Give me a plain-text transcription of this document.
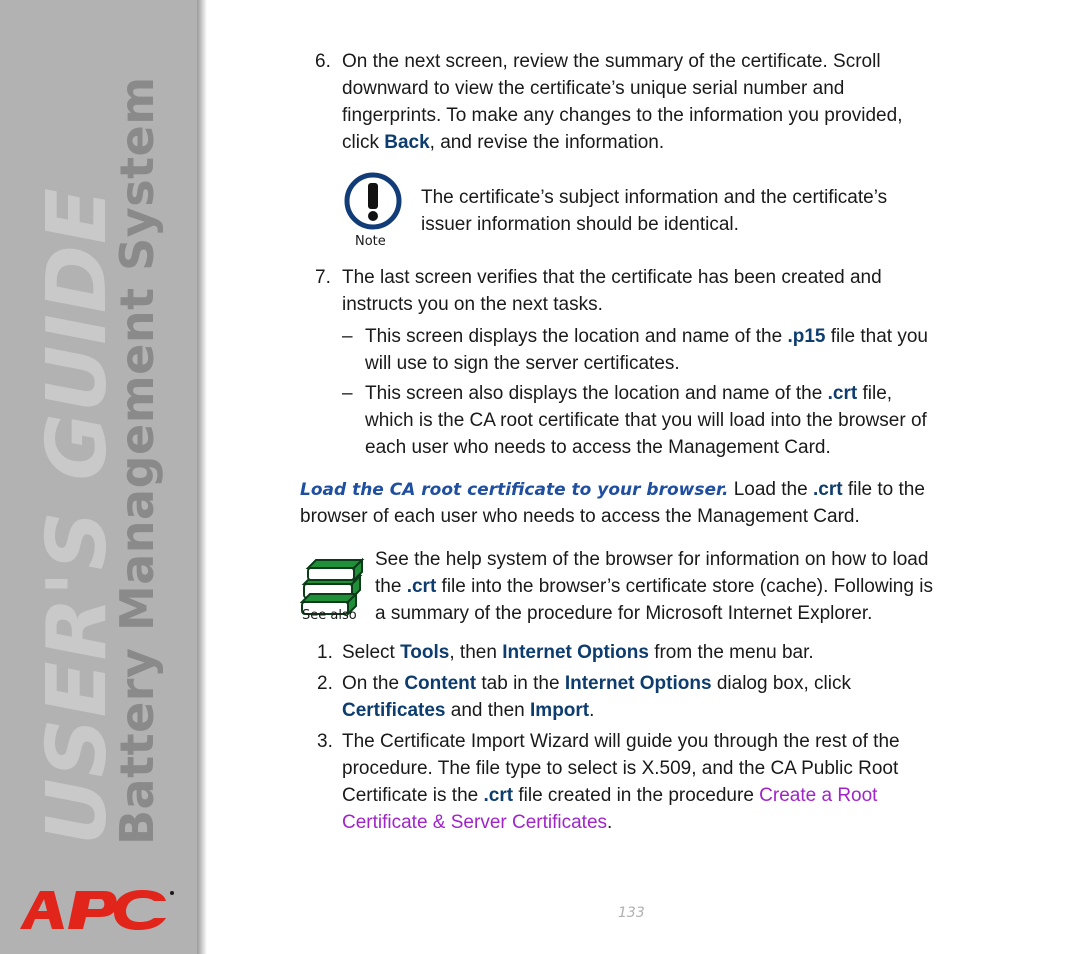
USER'S GUIDE
Battery Management System
6. On the next screen, review the summary of the certificate. Scroll
downward to view the certificate’s unique serial number and
fingerprints. To make any changes to the information you provided,
click Back, and revise the information.
Note
The certificate’s subject information and the certificate’s
issuer information should be identical.
7. The last screen verifies that the certificate has been created and
instructs you on the next tasks.
– This screen displays the location and name of the .p15 file that you
will use to sign the server certificates.
– This screen also displays the location and name of the .crt file,
which is the CA root certificate that you will load into the browser of
each user who needs to access the Management Card.
Load the CA root certificate to your browser. Load the .crt file to the
browser of each user who needs to access the Management Card.
See also
See the help system of the browser for information on how to load
the .crt file into the browser’s certificate store (cache). Following is
a summary of the procedure for Microsoft Internet Explorer.
1. Select Tools, then Internet Options from the menu bar.
2. On the Content tab in the Internet Options dialog box, click
Certificates and then Import.
3. The Certificate Import Wizard will guide you through the rest of the
procedure. The file type to select is X.509, and the CA Public Root
Certificate is the .crt file created in the procedure Create a Root
Certificate & Server Certificates.
133
